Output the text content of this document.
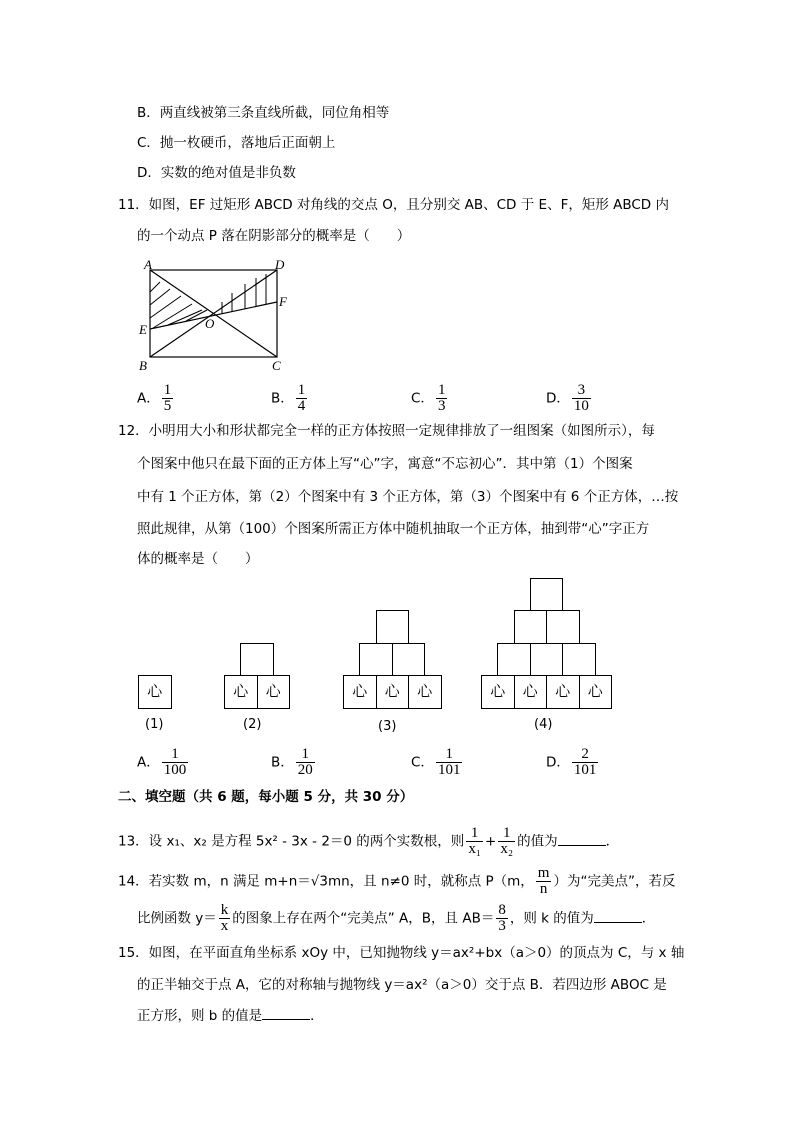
B．两直线被第三条直线所截，同位角相等
C．抛一枚硬币，落地后正面朝上
D．实数的绝对值是非负数
11．如图，EF 过矩形 ABCD 对角线的交点 O，且分别交 AB、CD 于 E、F，矩形 ABCD 内
的一个动点 P 落在阴影部分的概率是（　　）
A	D
F
E	O
B	C
A． $\frac{1}{5}$	B． $\frac{1}{4}$	C． $\frac{1}{3}$	D． $\frac{3}{10}$
12．小明用大小和形状都完全一样的正方体按照一定规律排放了一组图案（如图所示），每
个图案中他只在最下面的正方体上写“心”字，寓意“不忘初心”．其中第（1）个图案
中有 1 个正方体，第（2）个图案中有 3 个正方体，第（3）个图案中有 6 个正方体，…按
照此规律，从第（100）个图案所需正方体中随机抽取一个正方体，抽到带“心”字正方
体的概率是（　　）
心	心	心	心	心	心	心	心	心	心
(1)	(2)	(3)	(4)
A． $\frac{1}{100}$	B． $\frac{1}{20}$	C． $\frac{1}{101}$	D． $\frac{2}{101}$
二、填空题（共 6 题，每小题 5 分，共 30 分）
13．设 x₁、x₂ 是方程 5x² - 3x - 2＝0 的两个实数根，则 $\frac{1}{\text{x₁}} + \frac{1}{\text{x₂}}$ 的值为	．
14．若实数 m，n 满足 m+n＝√3mn，且 n≠0 时，就称点 P（m， $\frac{m}{n}$ ）为“完美点”，若反
比例函数 $y= \frac{k}{x}$ 的图象上存在两个“完美点” A，B，且 $AB= \frac{8}{3}$ ，则 k 的值为	．
15．如图，在平面直角坐标系 xOy 中，已知抛物线 y＝ax²+bx（a＞0）的顶点为 C，与 x 轴
的正半轴交于点 A，它的对称轴与抛物线 y＝ax²（a＞0）交于点 B．若四边形 ABOC 是
正方形，则 b 的值是	．
